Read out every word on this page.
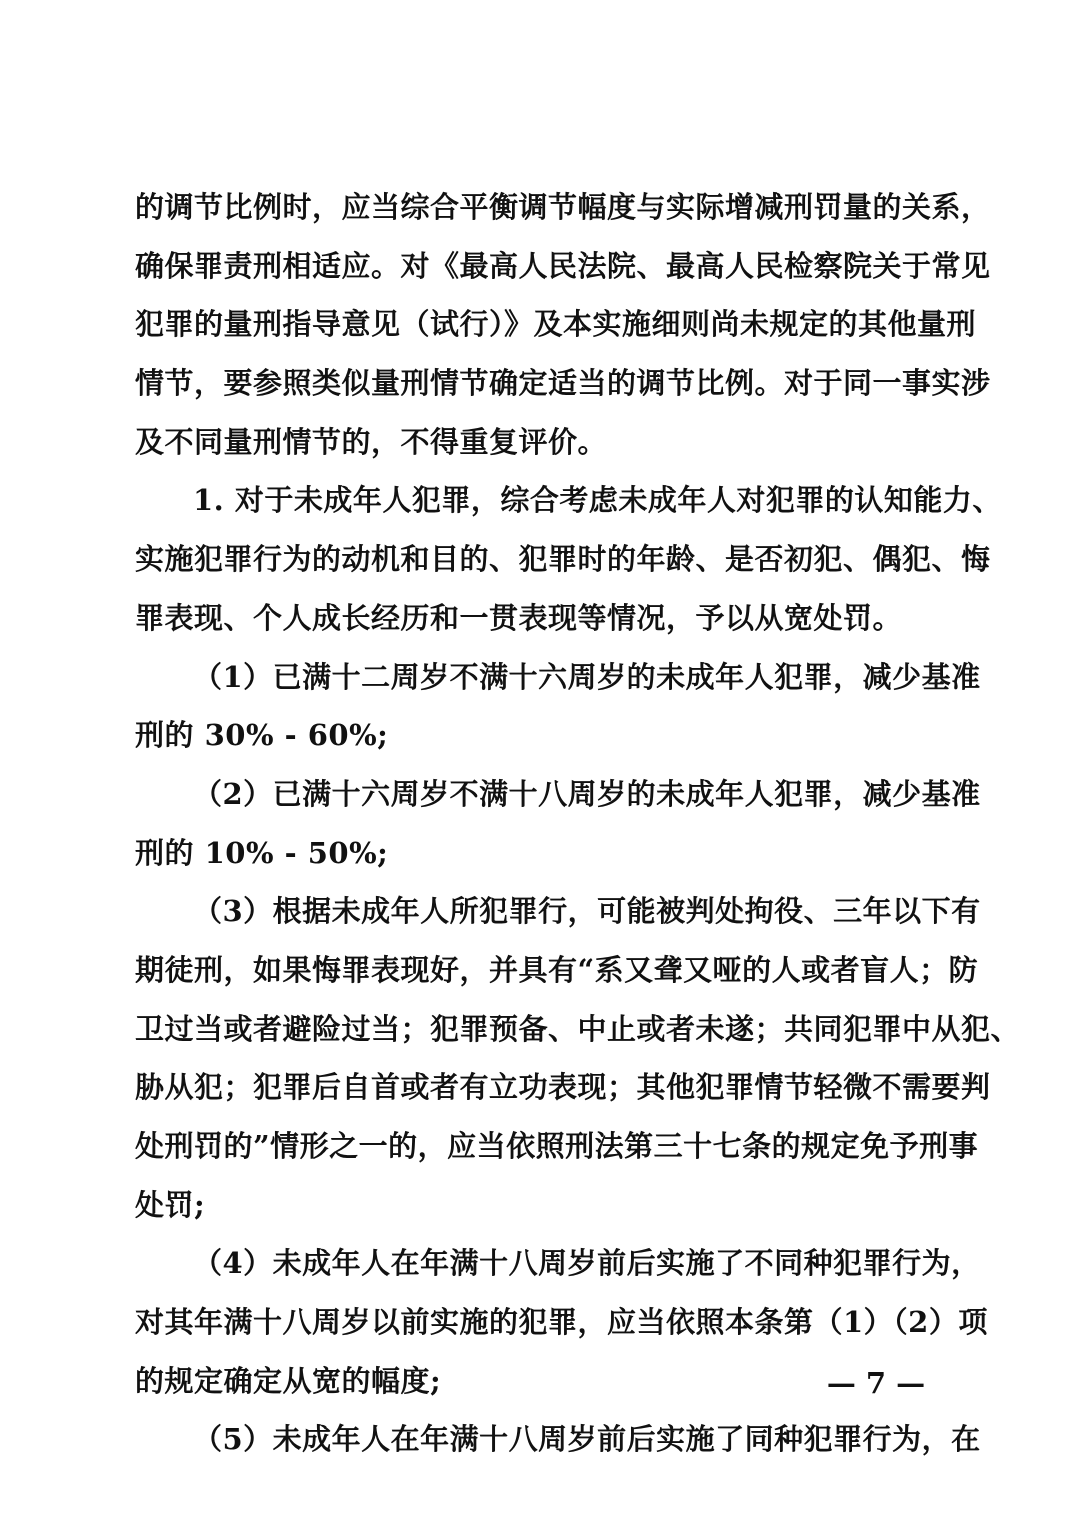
的调节比例时，应当综合平衡调节幅度与实际增减刑罚量的关系，
确保罪责刑相适应。对《最高人民法院、最高人民检察院关于常见
犯罪的量刑指导意见（试行）》及本实施细则尚未规定的其他量刑
情节，要参照类似量刑情节确定适当的调节比例。对于同一事实涉
及不同量刑情节的，不得重复评价。
1. 对于未成年人犯罪，综合考虑未成年人对犯罪的认知能力、
实施犯罪行为的动机和目的、犯罪时的年龄、是否初犯、偶犯、悔
罪表现、个人成长经历和一贯表现等情况，予以从宽处罚。
（1）已满十二周岁不满十六周岁的未成年人犯罪，减少基准
刑的 30% - 60%;
（2）已满十六周岁不满十八周岁的未成年人犯罪，减少基准
刑的 10% - 50%;
（3）根据未成年人所犯罪行，可能被判处拘役、三年以下有
期徒刑，如果悔罪表现好，并具有“系又聋又哑的人或者盲人；防
卫过当或者避险过当；犯罪预备、中止或者未遂；共同犯罪中从犯、
胁从犯；犯罪后自首或者有立功表现；其他犯罪情节轻微不需要判
处刑罚的”情形之一的，应当依照刑法第三十七条的规定免予刑事
处罚;
（4）未成年人在年满十八周岁前后实施了不同种犯罪行为，
对其年满十八周岁以前实施的犯罪，应当依照本条第（1）（2）项
的规定确定从宽的幅度;
（5）未成年人在年满十八周岁前后实施了同种犯罪行为，在
— 7 —
